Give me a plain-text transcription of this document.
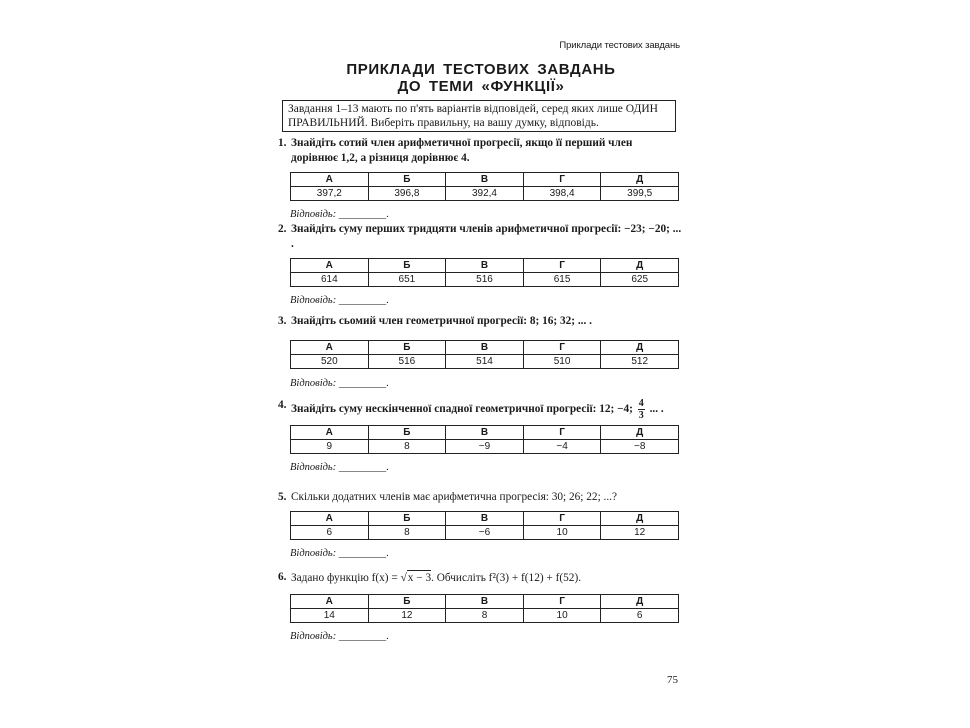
Приклади тестових завдань
ПРИКЛАДИ ТЕСТОВИХ ЗАВДАНЬ
ДО ТЕМИ «ФУНКЦІЇ»
Завдання 1–13 мають по п'ять варіантів відповідей, серед яких лише ОДИН ПРАВИЛЬНИЙ. Виберіть правильну, на вашу думку, відповідь.
1. Знайдіть сотий член арифметичної прогресії, якщо її перший член дорівнює 1,2, а різниця дорівнює 4.
А	Б	В	Г	Д
397,2	396,8	392,4	398,4	399,5
Відповідь: _________.
2. Знайдіть суму перших тридцяти членів арифметичної прогресії: −23; −20; ... .
А	Б	В	Г	Д
614	651	516	615	625
Відповідь: _________.
3. Знайдіть сьомий член геометричної прогресії: 8; 16; 32; ... .
А	Б	В	Г	Д
520	516	514	510	512
Відповідь: _________.
4. Знайдіть суму нескінченної спадної геометричної прогресії: 12; −4; $\frac{4}{3}$ ... .
А	Б	В	Г	Д
9	8	−9	−4	−8
Відповідь: _________.
5. Скільки додатних членів має арифметична прогресія: 30; 26; 22; ...?
А	Б	В	Г	Д
6	8	−6	10	12
Відповідь: _________.
6. Задано функцію f(x) = √x − 3. Обчисліть f²(3) + f(12) + f(52).
А	Б	В	Г	Д
14	12	8	10	6
Відповідь: _________.
75
